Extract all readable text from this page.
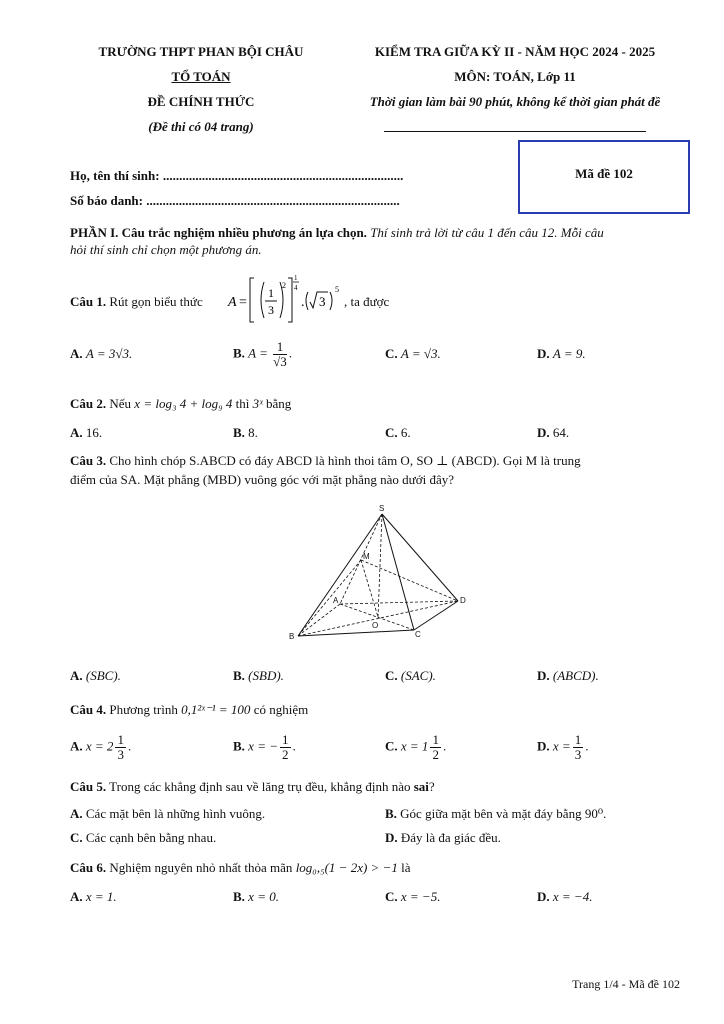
TRƯỜNG THPT PHAN BỘI CHÂU
TỔ TOÁN
ĐỀ CHÍNH THỨC
(Đề thi có 04 trang)
KIỂM TRA GIỮA KỲ II - NĂM HỌC 2024 - 2025
MÔN: TOÁN, Lớp 11
Thời gian làm bài 90 phút, không kể thời gian phát đề
Họ, tên thí sinh: ..........................................................................
Số báo danh: ..............................................................................
Mã đề 102
PHẦN I. Câu trắc nghiệm nhiều phương án lựa chọn. Thí sinh trả lời từ câu 1 đến câu 12. Mỗi câu
hỏi thí sinh chỉ chọn một phương án.
Câu 1. Rút gọn biểu thức A =
1
3
2
1
4
. 3
5
, ta được
A. A = 3√3.	B. $A = \frac{1}{√3}$ .	C. A = √3.	D. A = 9.
Câu 2. Nếu x = log₃ 4 + log₉ 4 thì 3ˣ bằng
A. 16.	B. 8.	C. 6.	D. 64.
Câu 3. Cho hình chóp S.ABCD có đáy ABCD là hình thoi tâm O, SO ⊥ (ABCD). Gọi M là trung
điểm của SA. Mặt phẳng (MBD) vuông góc với mặt phẳng nào dưới đây?
S
M
A	D
O
B	C
A. (SBC).	B. (SBD).	C. (SAC).	D. (ABCD).
Câu 4. Phương trình 0,1²ˣ⁻¹ = 100 có nghiệm
A. $x = 2 \frac{1}{3}$ .	B. x = − $\frac{1}{2}$ .	C. $x = 1 \frac{1}{2}$ .	D. $x = \frac{1}{3}$ .
Câu 5. Trong các khẳng định sau về lăng trụ đều, khẳng định nào sai?
A. Các mặt bên là những hình vuông.	B. Góc giữa mặt bên và mặt đáy bằng 90⁰.
C. Các cạnh bên bằng nhau.	D. Đáy là đa giác đều.
Câu 6. Nghiệm nguyên nhỏ nhất thỏa mãn log₀,₅(1 − 2x) > −1 là
A. x = 1.	B. x = 0.	C. x = −5.	D. x = −4.
Trang 1/4 - Mã đề 102
